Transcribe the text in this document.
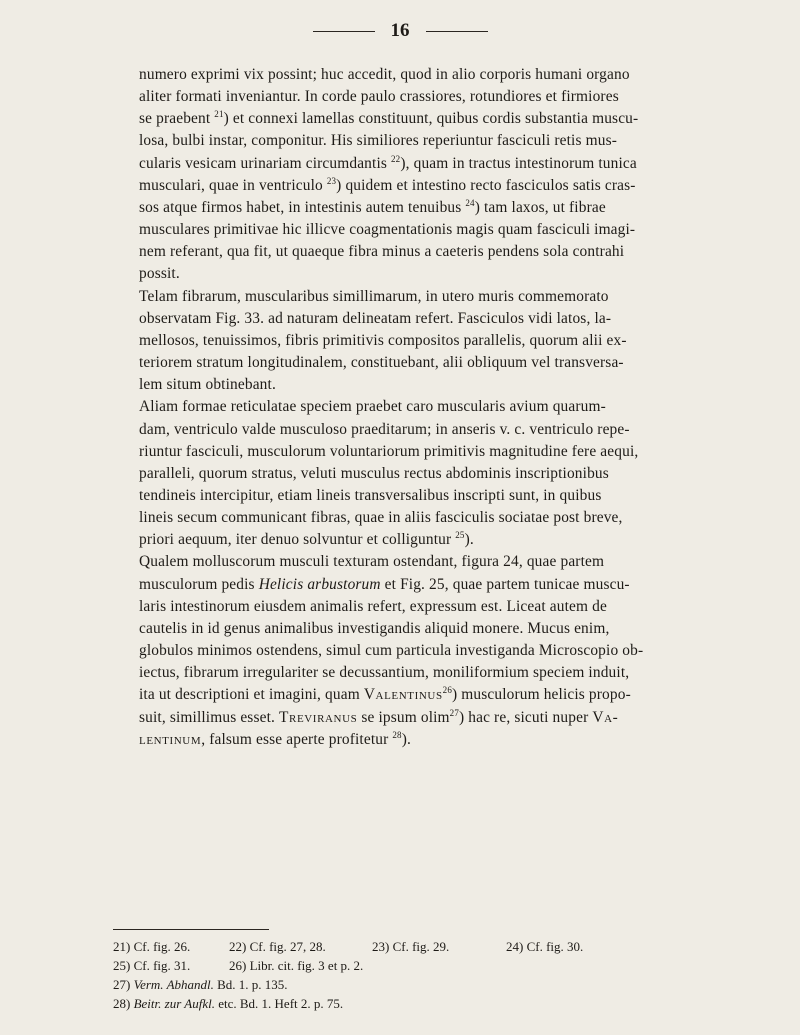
16

numero exprimi vix possint; huc accedit, quod in alio corporis humani organo
aliter formati inveniantur. In corde paulo crassiores, rotundiores et firmiores
se praebent $^{21}$) et connexi lamellas constituunt, quibus cordis substantia muscu-
losa, bulbi instar, componitur. His similiores reperiuntur fasciculi retis mus-
cularis vesicam urinariam circumdantis $^{22}$), quam in tractus intestinorum tunica
musculari, quae in ventriculo $^{23}$) quidem et intestino recto fasciculos satis cras-
sos atque firmos habet, in intestinis autem tenuibus $^{24}$) tam laxos, ut fibrae
musculares primitivae hic illicve coagmentationis magis quam fasciculi imagi-
nem referant, qua fit, ut quaeque fibra minus a caeteris pendens sola contrahi
possit.

Telam fibrarum, muscularibus simillimarum, in utero muris commemorato
observatam Fig. 33. ad naturam delineatam refert. Fasciculos vidi latos, la-
mellosos, tenuissimos, fibris primitivis compositos parallelis, quorum alii ex-
teriorem stratum longitudinalem, constituebant, alii obliquum vel transversa-
lem situm obtinebant.

Aliam formae reticulatae speciem praebet caro muscularis avium quarum-
dam, ventriculo valde musculoso praeditarum; in anseris v. c. ventriculo repe-
riuntur fasciculi, musculorum voluntariorum primitivis magnitudine fere aequi,
paralleli, quorum stratus, veluti musculus rectus abdominis inscriptionibus
tendineis intercipitur, etiam lineis transversalibus inscripti sunt, in quibus
lineis secum communicant fibras, quae in aliis fasciculis sociatae post breve,
priori aequum, iter denuo solvuntur et colliguntur $^{25}$).

Qualem molluscorum musculi texturam ostendant, figura 24, quae partem
musculorum pedis Helicis arbustorum et Fig. 25, quae partem tunicae muscu-
laris intestinorum eiusdem animalis refert, expressum est. Liceat autem de
cautelis in id genus animalibus investigandis aliquid monere. Mucus enim,
globulos minimos ostendens, simul cum particula investiganda Microscopio ob-
iectus, fibrarum irregulariter se decussantium, moniliformium speciem induit,
ita ut descriptioni et imagini, quam Valentinus$^{26}$) musculorum helicis propo-
suit, simillimus esset. Treviranus se ipsum olim$^{27}$) hac re, sicuti nuper Va-
lentinum, falsum esse aperte profitetur $^{28}$).

21) Cf. fig. 26.	22) Cf. fig. 27, 28.	23) Cf. fig. 29.	24) Cf. fig. 30.
25) Cf. fig. 31.	26) Libr. cit. fig. 3 et p. 2.
27) Verm. Abhandl. Bd. 1. p. 135.
28) Beitr. zur Aufkl. etc. Bd. 1. Heft 2. p. 75.
